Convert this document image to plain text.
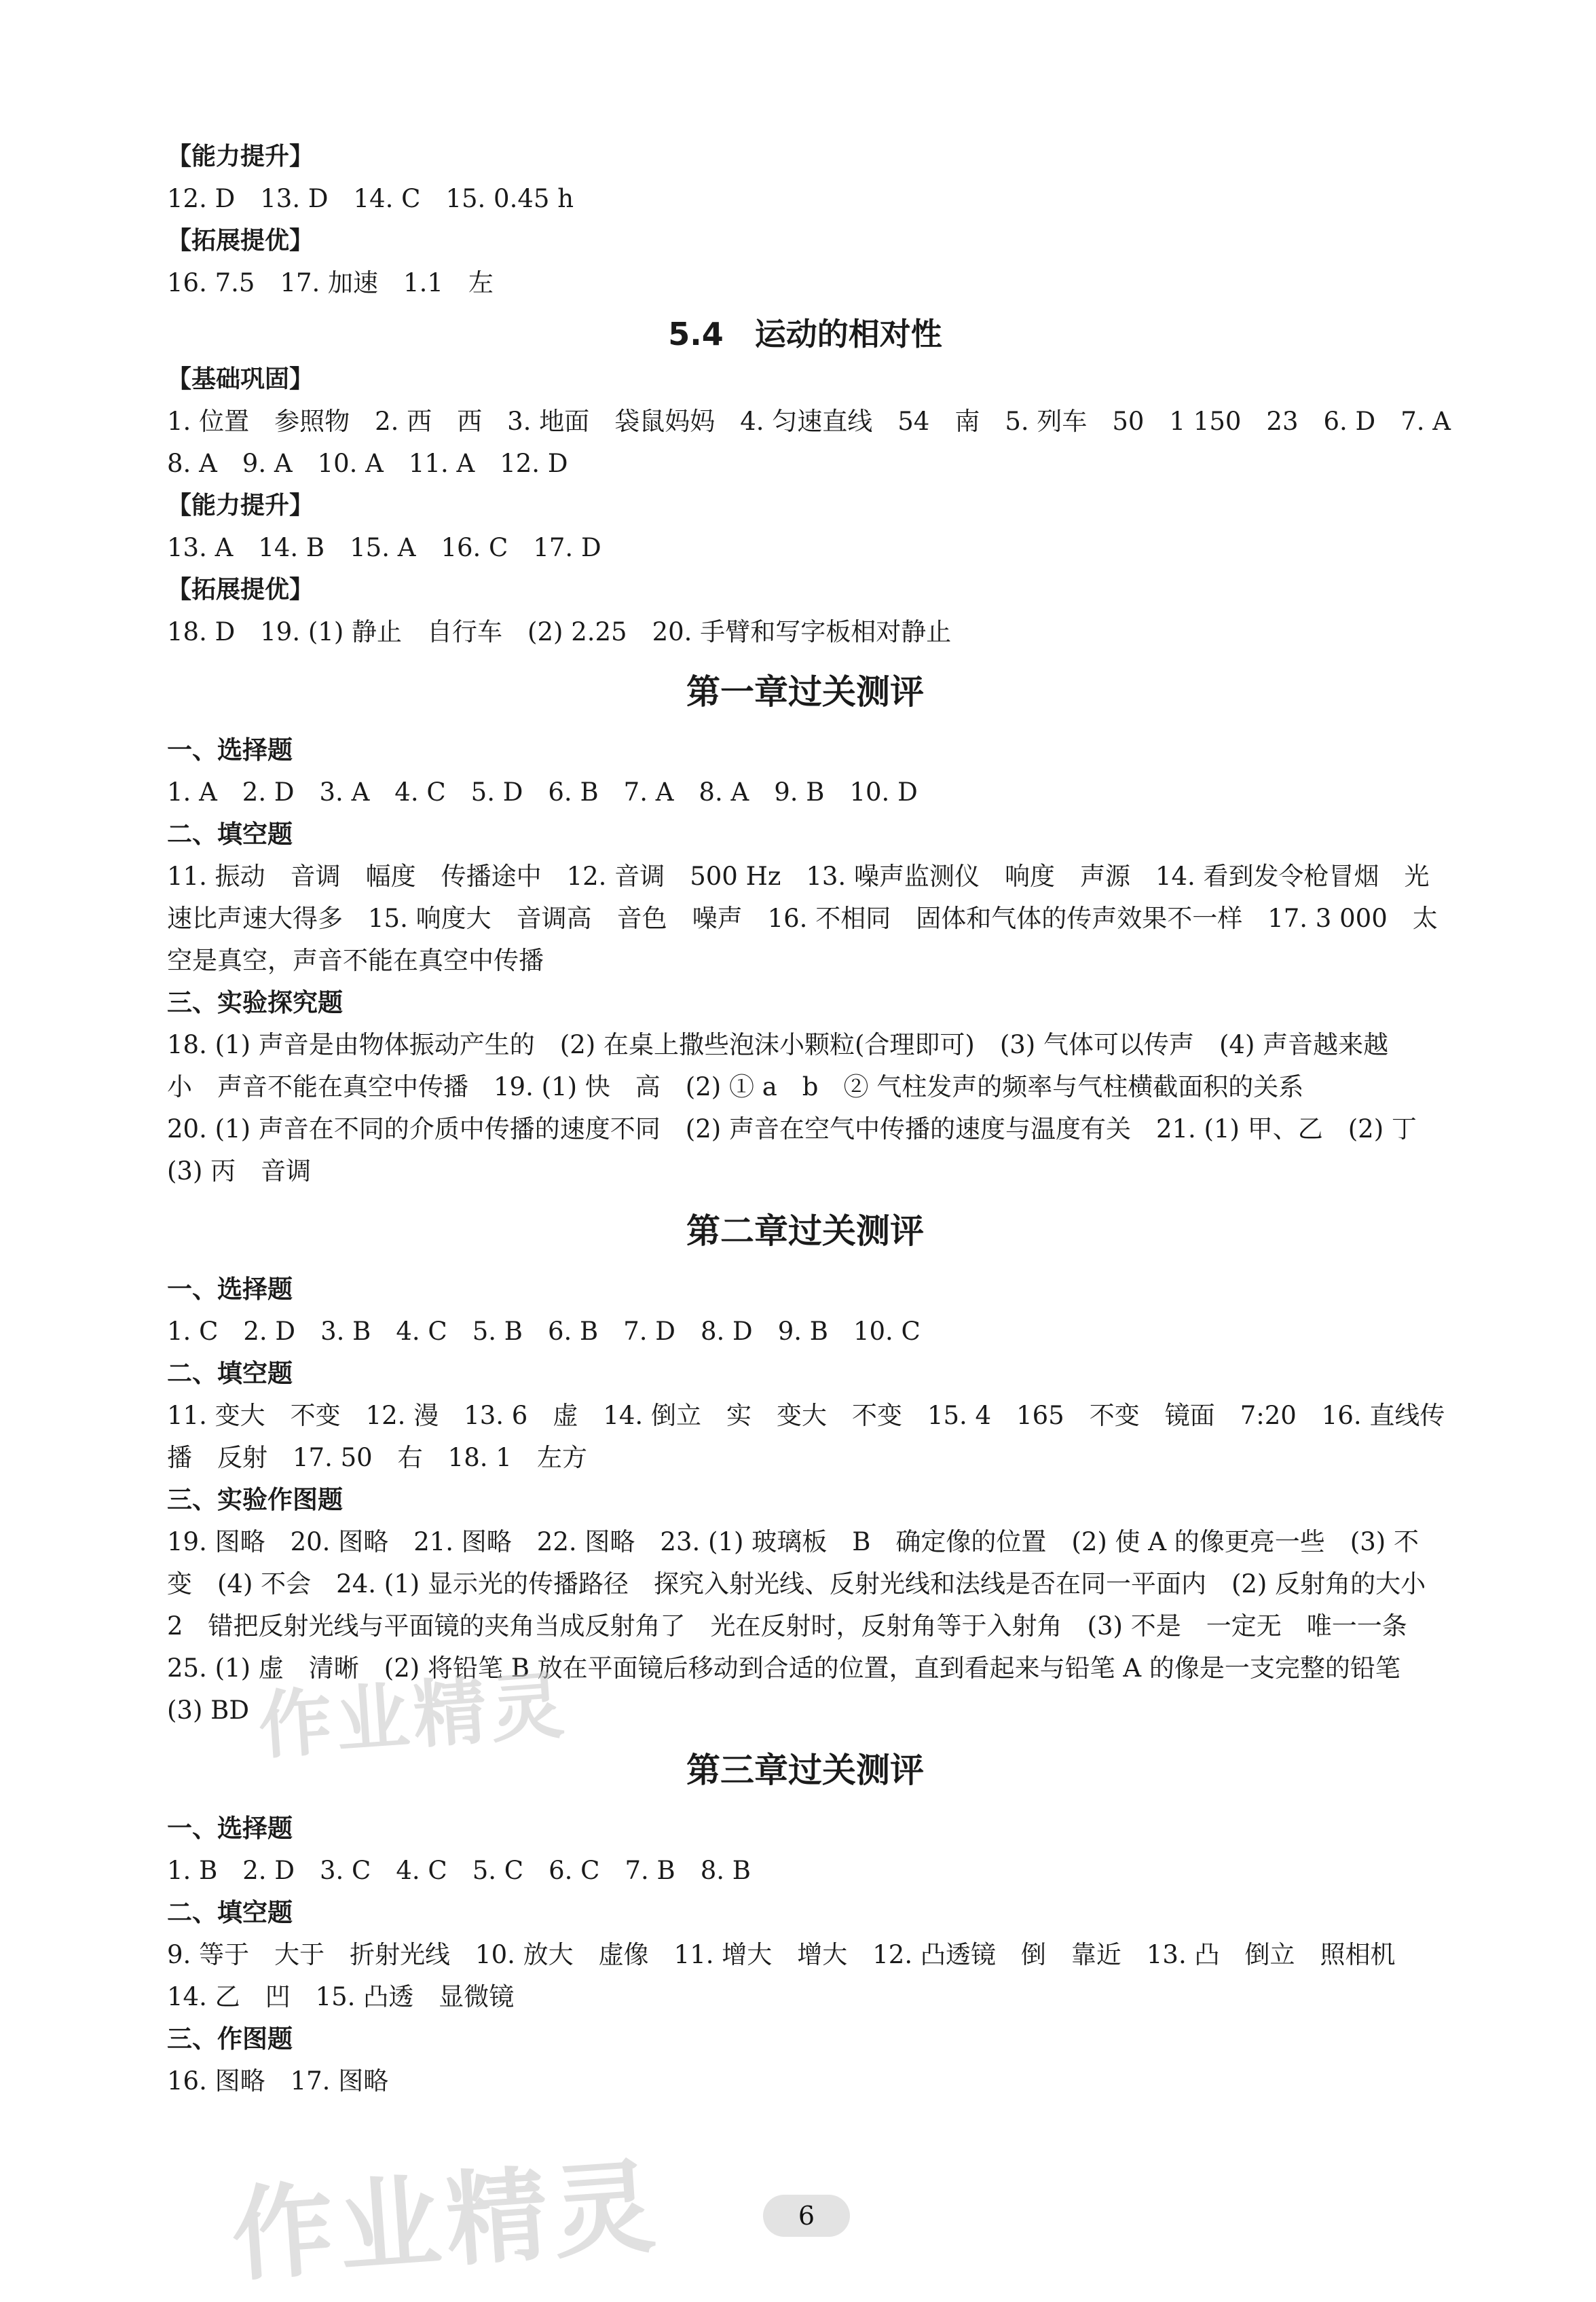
【能力提升】
12. D　13. D　14. C　15. 0.45 h
【拓展提优】
16. 7.5　17. 加速　1.1　左
5.4　运动的相对性
【基础巩固】
1. 位置　参照物　2. 西　西　3. 地面　袋鼠妈妈　4. 匀速直线　54　南　5. 列车　50　1 150　23　6. D　7. A
8. A　9. A　10. A　11. A　12. D
【能力提升】
13. A　14. B　15. A　16. C　17. D
【拓展提优】
18. D　19. (1) 静止　自行车　(2) 2.25　20. 手臂和写字板相对静止
第一章过关测评
一、选择题
1. A　2. D　3. A　4. C　5. D　6. B　7. A　8. A　9. B　10. D
二、填空题
11. 振动　音调　幅度　传播途中　12. 音调　500 Hz　13. 噪声监测仪　响度　声源　14. 看到发令枪冒烟　光
速比声速大得多　15. 响度大　音调高　音色　噪声　16. 不相同　固体和气体的传声效果不一样　17. 3 000　太
空是真空，声音不能在真空中传播
三、实验探究题
18. (1) 声音是由物体振动产生的　(2) 在桌上撒些泡沫小颗粒(合理即可)　(3) 气体可以传声　(4) 声音越来越
小　声音不能在真空中传播　19. (1) 快　高　(2) ① a　b　② 气柱发声的频率与气柱横截面积的关系
20. (1) 声音在不同的介质中传播的速度不同　(2) 声音在空气中传播的速度与温度有关　21. (1) 甲、乙　(2) 丁
(3) 丙　音调
第二章过关测评
一、选择题
1. C　2. D　3. B　4. C　5. B　6. B　7. D　8. D　9. B　10. C
二、填空题
11. 变大　不变　12. 漫　13. 6　虚　14. 倒立　实　变大　不变　15. 4　165　不变　镜面　7:20　16. 直线传
播　反射　17. 50　右　18. 1　左方
三、实验作图题
19. 图略　20. 图略　21. 图略　22. 图略　23. (1) 玻璃板　B　确定像的位置　(2) 使 A 的像更亮一些　(3) 不
变　(4) 不会　24. (1) 显示光的传播路径　探究入射光线、反射光线和法线是否在同一平面内　(2) 反射角的大小
2　错把反射光线与平面镜的夹角当成反射角了　光在反射时，反射角等于入射角　(3) 不是　一定无　唯一一条
25. (1) 虚　清晰　(2) 将铅笔 B 放在平面镜后移动到合适的位置，直到看起来与铅笔 A 的像是一支完整的铅笔
(3) BD
第三章过关测评
一、选择题
1. B　2. D　3. C　4. C　5. C　6. C　7. B　8. B
二、填空题
9. 等于　大于　折射光线　10. 放大　虚像　11. 增大　增大　12. 凸透镜　倒　靠近　13. 凸　倒立　照相机
14. 乙　凹　15. 凸透　显微镜
三、作图题
16. 图略　17. 图略
作业精灵
作业精灵	6
